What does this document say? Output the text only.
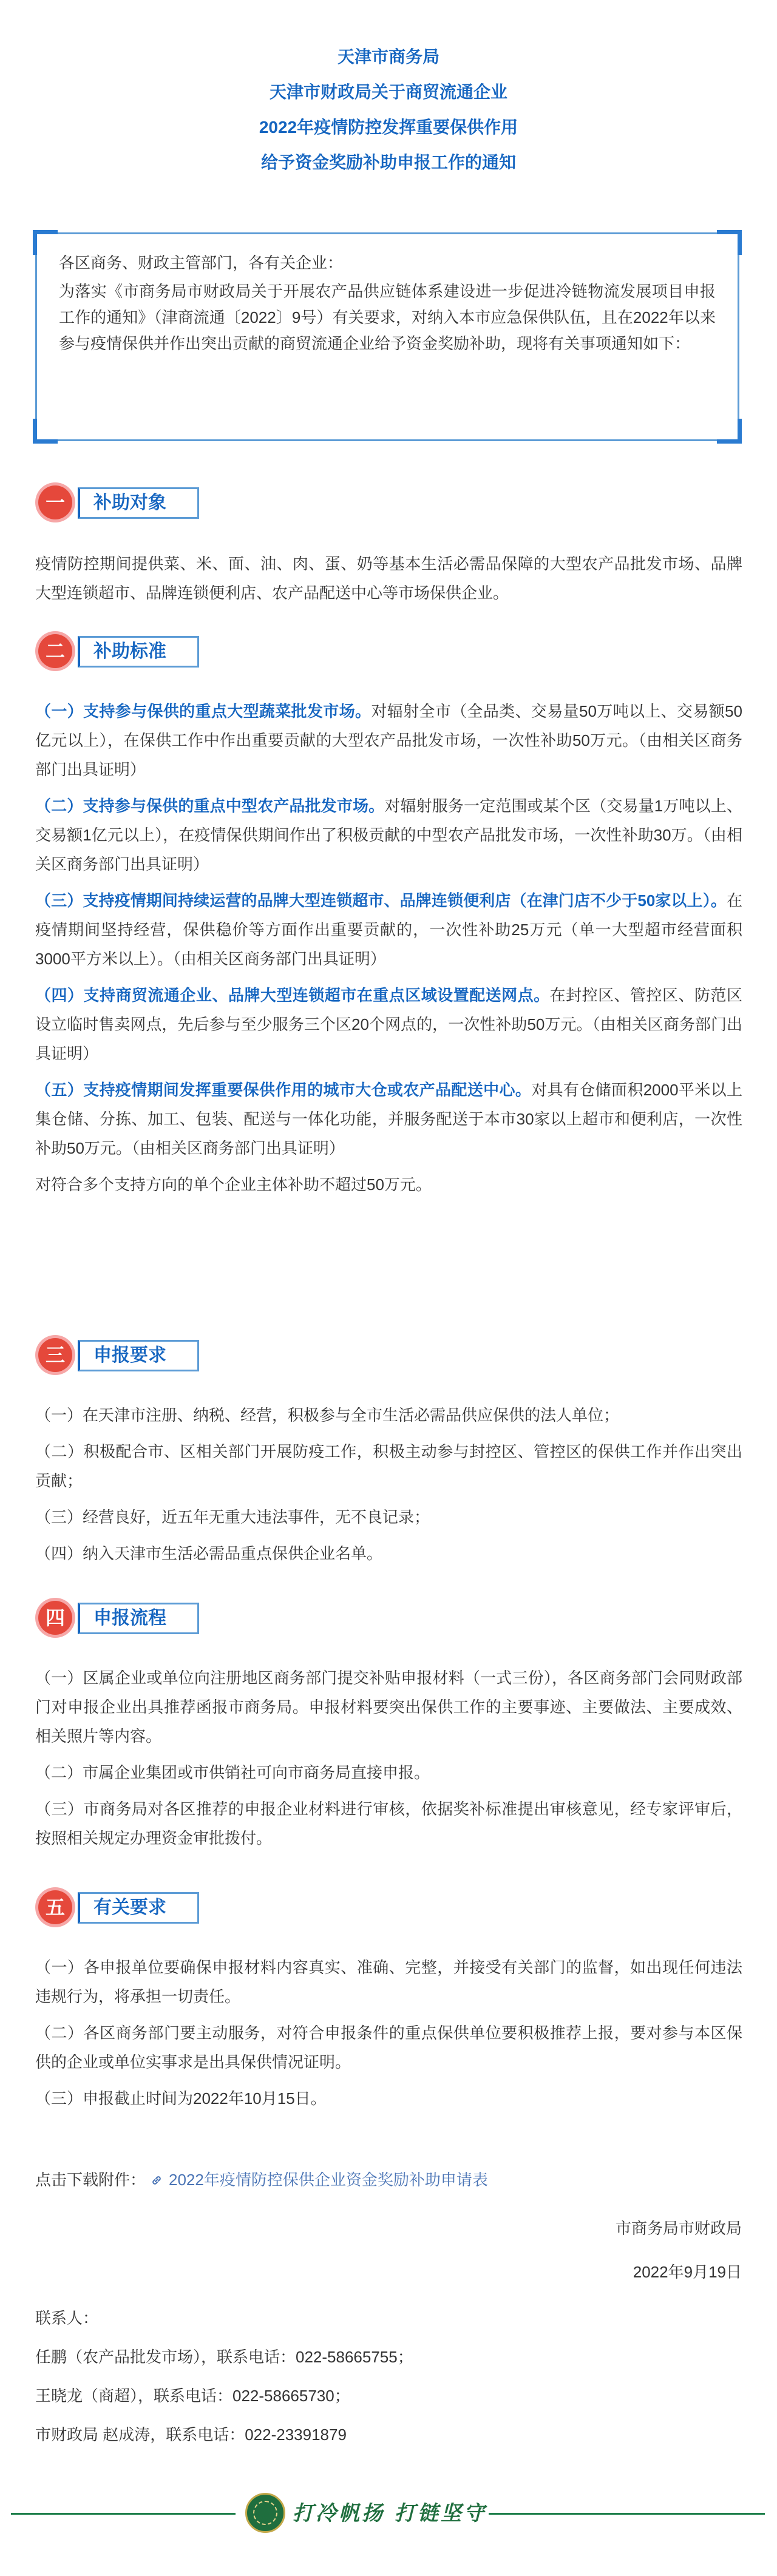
天津市商务局
天津市财政局关于商贸流通企业
2022年疫情防控发挥重要保供作用
给予资金奖励补助申报工作的通知

各区商务、财政主管部门，各有关企业：

为落实《市商务局市财政局关于开展农产品供应链体系建设进一步促进冷链物流发展项目申报工作的通知》（津商流通〔2022〕9号）有关要求，对纳入本市应急保供队伍，且在2022年以来参与疫情保供并作出突出贡献的商贸流通企业给予资金奖励补助，现将有关事项通知如下：

一	补助对象

疫情防控期间提供菜、米、面、油、肉、蛋、奶等基本生活必需品保障的大型农产品批发市场、品牌大型连锁超市、品牌连锁便利店、农产品配送中心等市场保供企业。

二	补助标准

（一）支持参与保供的重点大型蔬菜批发市场。对辐射全市（全品类、交易量50万吨以上、交易额50亿元以上），在保供工作中作出重要贡献的大型农产品批发市场，一次性补助50万元。（由相关区商务部门出具证明）

（二）支持参与保供的重点中型农产品批发市场。对辐射服务一定范围或某个区（交易量1万吨以上、交易额1亿元以上），在疫情保供期间作出了积极贡献的中型农产品批发市场，一次性补助30万。（由相关区商务部门出具证明）

（三）支持疫情期间持续运营的品牌大型连锁超市、品牌连锁便利店（在津门店不少于50家以上）。在疫情期间坚持经营，保供稳价等方面作出重要贡献的，一次性补助25万元（单一大型超市经营面积3000平方米以上）。（由相关区商务部门出具证明）

（四）支持商贸流通企业、品牌大型连锁超市在重点区域设置配送网点。在封控区、管控区、防范区设立临时售卖网点，先后参与至少服务三个区20个网点的，一次性补助50万元。（由相关区商务部门出具证明）

（五）支持疫情期间发挥重要保供作用的城市大仓或农产品配送中心。对具有仓储面积2000平米以上集仓储、分拣、加工、包装、配送与一体化功能，并服务配送于本市30家以上超市和便利店，一次性补助50万元。（由相关区商务部门出具证明）

对符合多个支持方向的单个企业主体补助不超过50万元。

三	申报要求

（一）在天津市注册、纳税、经营，积极参与全市生活必需品供应保供的法人单位；

（二）积极配合市、区相关部门开展防疫工作，积极主动参与封控区、管控区的保供工作并作出突出贡献；

（三）经营良好，近五年无重大违法事件，无不良记录；

（四）纳入天津市生活必需品重点保供企业名单。

四	申报流程

（一）区属企业或单位向注册地区商务部门提交补贴申报材料（一式三份），各区商务部门会同财政部门对申报企业出具推荐函报市商务局。申报材料要突出保供工作的主要事迹、主要做法、主要成效、相关照片等内容。

（二）市属企业集团或市供销社可向市商务局直接申报。

（三）市商务局对各区推荐的申报企业材料进行审核，依据奖补标准提出审核意见，经专家评审后，按照相关规定办理资金审批拨付。

五	有关要求

（一）各申报单位要确保申报材料内容真实、准确、完整，并接受有关部门的监督，如出现任何违法违规行为，将承担一切责任。

（二）各区商务部门要主动服务，对符合申报条件的重点保供单位要积极推荐上报，要对参与本区保供的企业或单位实事求是出具保供情况证明。

（三）申报截止时间为2022年10月15日。

点击下载附件： 2022年疫情防控保供企业资金奖励补助申请表
市商务局市财政局
2022年9月19日

联系人：

任鹏（农产品批发市场），联系电话：022-58665755；

王晓龙（商超），联系电话：022-58665730；

市财政局 赵成涛，联系电话：022-23391879

打冷帆扬 打链坚守
